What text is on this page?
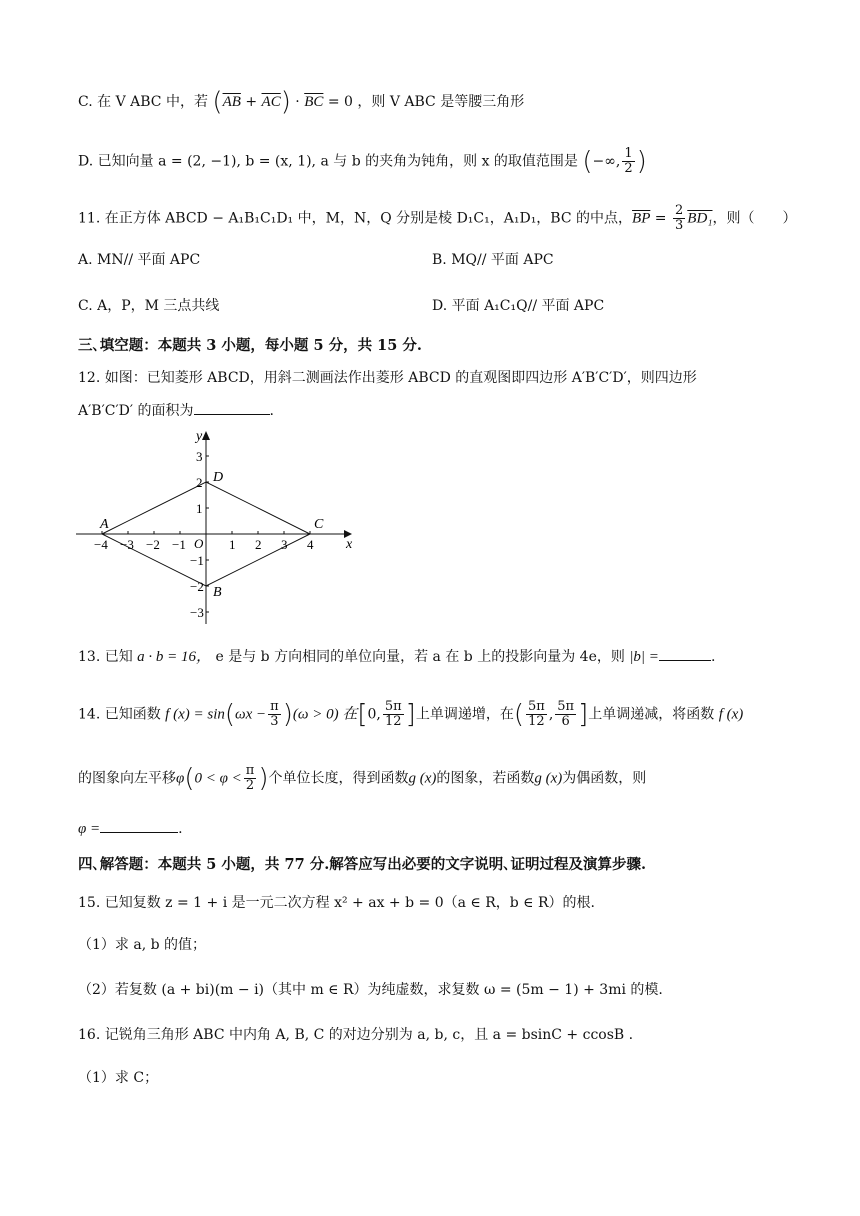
C. 在 V ABC 中，若 $(\overline{AB} + \overline{AC}) \cdot \overline{BC} = 0$ ，则 V ABC 是等腰三角形
D. 已知向量 a = (2, −1), b = (x, 1), a 与 b 的夹角为钝角，则 x 的取值范围是 (−∞, $\frac{1}{2}$ )
11. 在正方体 ABCD − A₁B₁C₁D₁ 中，M，N，Q 分别是棱 D₁C₁，A₁D₁，BC 的中点，$\overline{BP} = \frac{2}{3} BD_1$，则（　　）
A. MN// 平面 APC	B. MQ// 平面 APC
C. A，P，M 三点共线	D. 平面 A₁C₁Q// 平面 APC
三､填空题：本题共 3 小题，每小题 5 分，共 15 分.
12. 如图：已知菱形 ABCD，用斜二测画法作出菱形 ABCD 的直观图即四边形 A′B′C′D′，则四边形
A′B′C′D′ 的面积为	.
−4 −3 −2 −1	1 2 3 4
3
2
1
−1
−2
−3
x
y
O
A
B
C
D
13. 已知 a · b = 16， e 是与 b 方向相同的单位向量，若 a 在 b 上的投影向量为 4e，则 |b| =	.
14. 已知函数 f $(x) = \sin(\omega x - \frac{\pi}{3} )(\omega > 0)$ 在[0, $\frac{5\pi}{12}$ ]上单调递增，在( $\frac{5\pi}{12}$ , $\frac{5\pi}{6}$ ]上单调递减，将函数 f (x)
的图象向左平移$\varphi(0 < \varphi < \frac{\pi}{2}$ )个单位长度，得到函数g (x)的图象，若函数g (x)为偶函数，则
φ =	.
四､解答题：本题共 5 小题，共 77 分.解答应写出必要的文字说明､证明过程及演算步骤.
15. 已知复数 z = 1 + i 是一元二次方程 x² + ax + b = 0（a ∈ R，b ∈ R）的根.
（1）求 a, b 的值；
（2）若复数 (a + bi)(m − i)（其中 m ∈ R）为纯虚数，求复数 ω = (5m − 1) + 3mi 的模.
16. 记锐角三角形 ABC 中内角 A, B, C 的对边分别为 a, b, c，且 a = bsinC + ccosB .
（1）求 C；
